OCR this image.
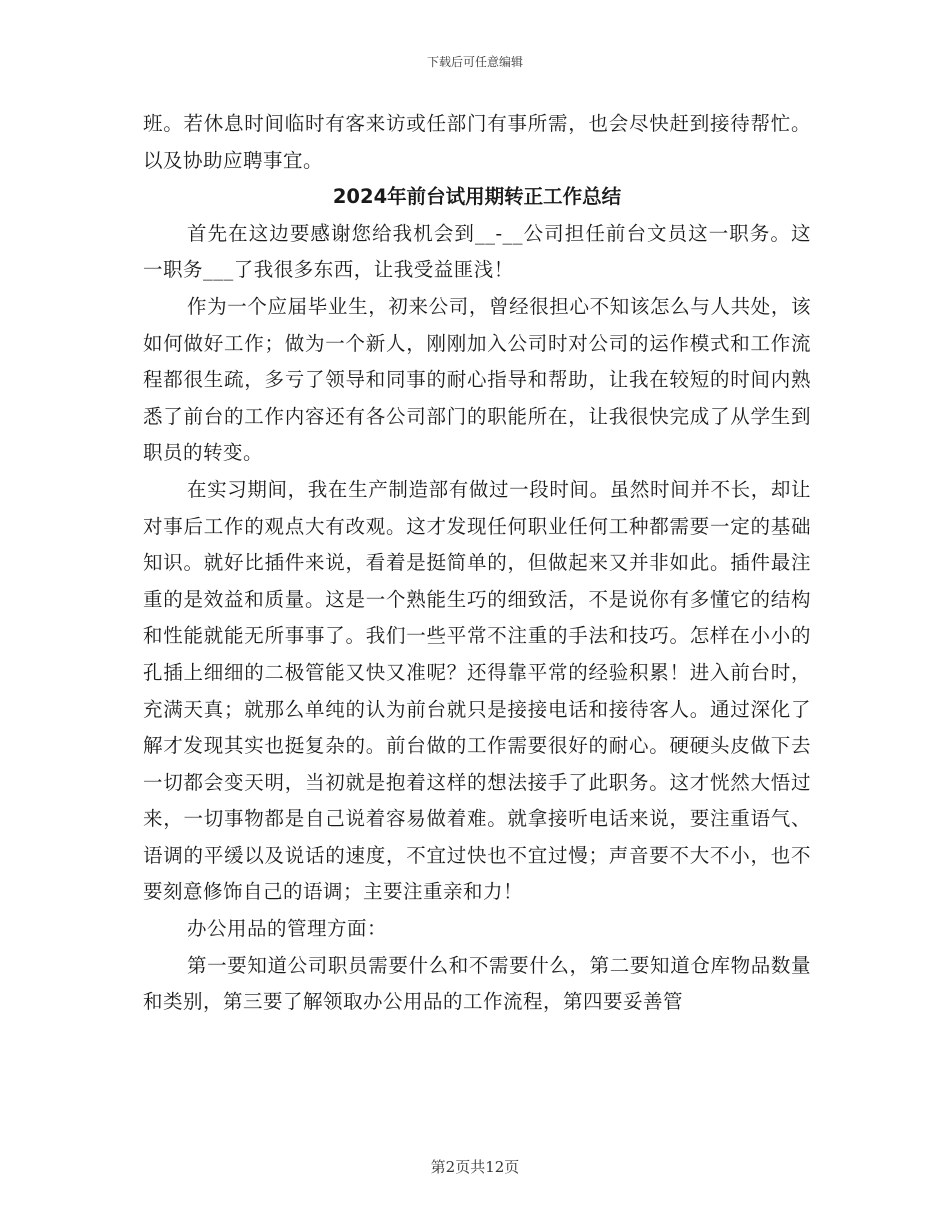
下载后可任意编辑

班。若休息时间临时有客来访或任部门有事所需，也会尽快赶到接待帮忙。以及协助应聘事宜。

2024年前台试用期转正工作总结

首先在这边要感谢您给我机会到__-__公司担任前台文员这一职务。这一职务___了我很多东西，让我受益匪浅！

作为一个应届毕业生，初来公司，曾经很担心不知该怎么与人共处，该如何做好工作；做为一个新人，刚刚加入公司时对公司的运作模式和工作流程都很生疏，多亏了领导和同事的耐心指导和帮助，让我在较短的时间内熟悉了前台的工作内容还有各公司部门的职能所在，让我很快完成了从学生到职员的转变。

在实习期间，我在生产制造部有做过一段时间。虽然时间并不长，却让对事后工作的观点大有改观。这才发现任何职业任何工种都需要一定的基础知识。就好比插件来说，看着是挺简单的，但做起来又并非如此。插件最注重的是效益和质量。这是一个熟能生巧的细致活，不是说你有多懂它的结构和性能就能无所事事了。我们一些平常不注重的手法和技巧。怎样在小小的孔插上细细的二极管能又快又准呢？还得靠平常的经验积累！进入前台时，充满天真；就那么单纯的认为前台就只是接接电话和接待客人。通过深化了解才发现其实也挺复杂的。前台做的工作需要很好的耐心。硬硬头皮做下去一切都会变天明，当初就是抱着这样的想法接手了此职务。这才恍然大悟过来，一切事物都是自己说着容易做着难。就拿接听电话来说，要注重语气、语调的平缓以及说话的速度，不宜过快也不宜过慢；声音要不大不小，也不要刻意修饰自己的语调；主要注重亲和力！

办公用品的管理方面：

第一要知道公司职员需要什么和不需要什么，第二要知道仓库物品数量和类别，第三要了解领取办公用品的工作流程，第四要妥善管

第2页共12页
